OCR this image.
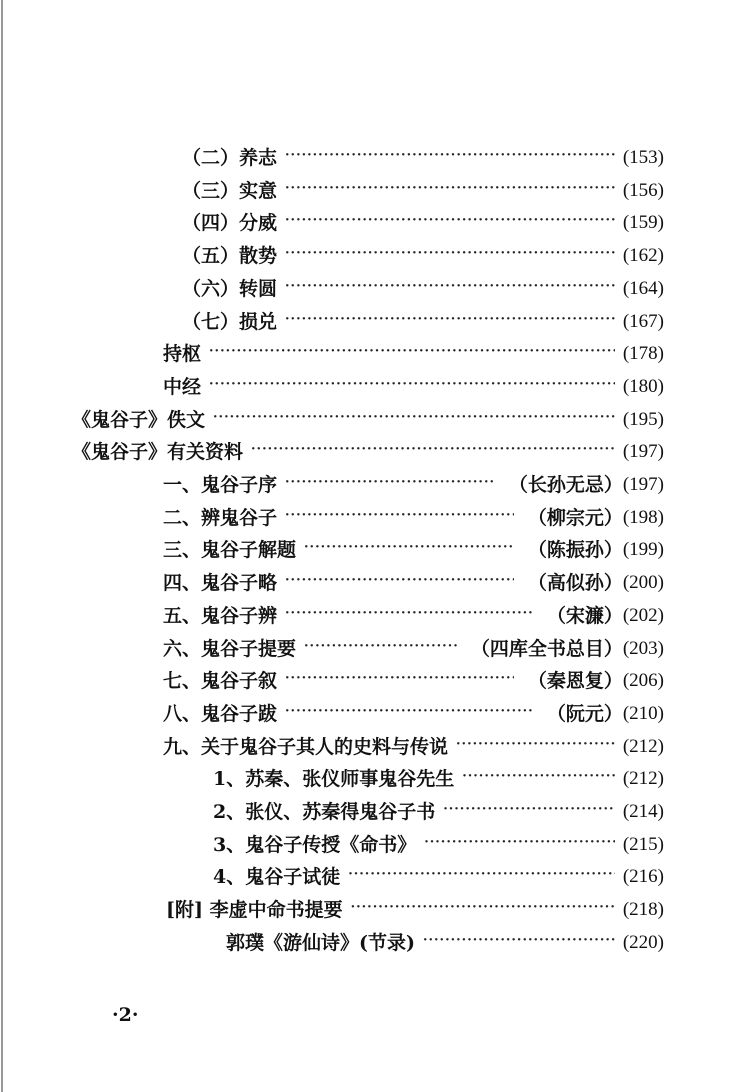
（二）养志 ·····	(153)
（三）实意 ·····	(156)
（四）分威 ·····	(159)
（五）散势 ·····	(162)
（六）转圆 ·····	(164)
（七）损兑 ·····	(167)
持枢 ·····	(178)
中经 ·····	(180)
《鬼谷子》佚文 ·····	(195)
《鬼谷子》有关资料 ·····	(197)
一、鬼谷子序 ·····	（长孙无忌） (197)
二、辨鬼谷子 ·····	（柳宗元） (198)
三、鬼谷子解题 ·····	（陈振孙） (199)
四、鬼谷子略 ·····	（高似孙） (200)
五、鬼谷子辨 ·····	（宋濂） (202)
六、鬼谷子提要 ·····	（四库全书总目） (203)
七、鬼谷子叙 ·····	（秦恩复） (206)
八、鬼谷子跋 ·····	（阮元） (210)
九、关于鬼谷子其人的史料与传说 ·····	(212)
1、苏秦、张仪师事鬼谷先生 ·····	(212)
2、张仪、苏秦得鬼谷子书 ·····	(214)
3、鬼谷子传授《命书》 ·····	(215)
4、鬼谷子试徒 ·····	(216)
[附] 李虚中命书提要 ·····	(218)
郭璞《游仙诗》(节录) ·····	(220)
·2·
